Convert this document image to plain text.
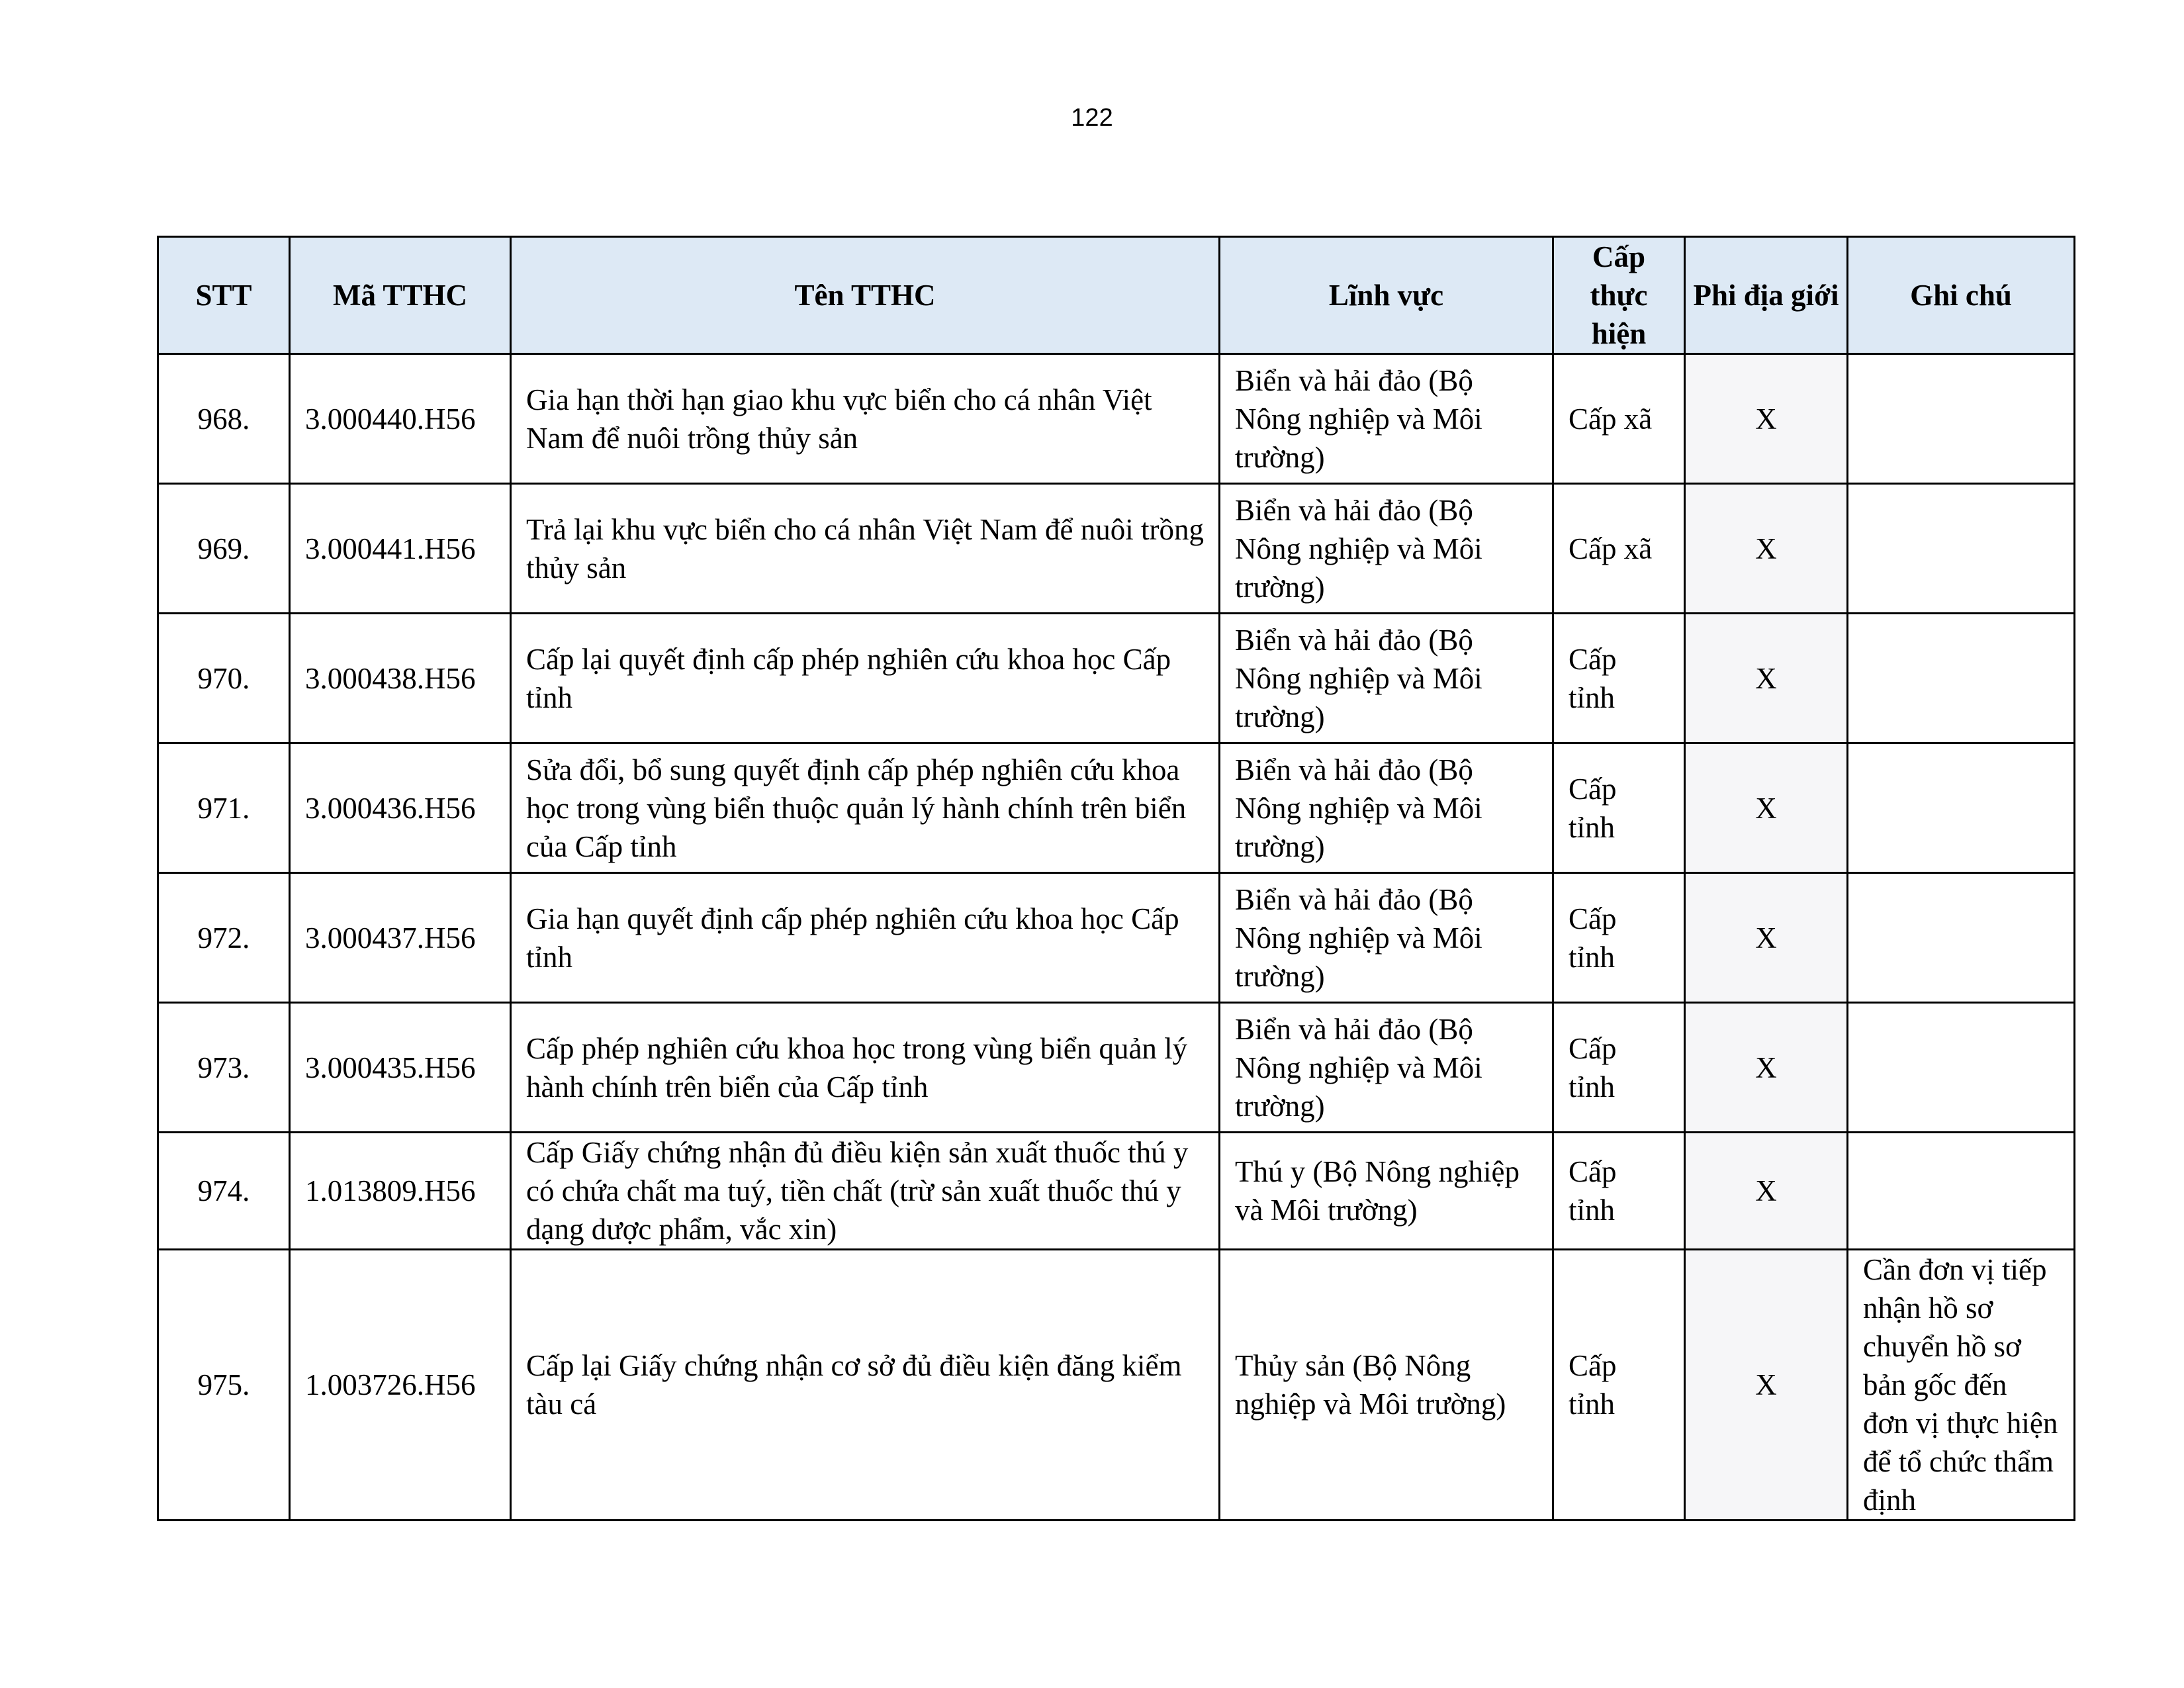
122
STT	Mã TTHC	Tên TTHC	Lĩnh vực	Cấp thực hiện	Phi địa giới	Ghi chú
968.	3.000440.H56	Gia hạn thời hạn giao khu vực biển cho cá nhân Việt Nam để nuôi trồng thủy sản	Biển và hải đảo (Bộ Nông nghiệp và Môi trường)	Cấp xã	X	
969.	3.000441.H56	Trả lại khu vực biển cho cá nhân Việt Nam để nuôi trồng thủy sản	Biển và hải đảo (Bộ Nông nghiệp và Môi trường)	Cấp xã	X	
970.	3.000438.H56	Cấp lại quyết định cấp phép nghiên cứu khoa học Cấp tỉnh	Biển và hải đảo (Bộ Nông nghiệp và Môi trường)	Cấp tỉnh	X	
971.	3.000436.H56	Sửa đổi, bổ sung quyết định cấp phép nghiên cứu khoa học trong vùng biển thuộc quản lý hành chính trên biển của Cấp tỉnh	Biển và hải đảo (Bộ Nông nghiệp và Môi trường)	Cấp tỉnh	X	
972.	3.000437.H56	Gia hạn quyết định cấp phép nghiên cứu khoa học Cấp tỉnh	Biển và hải đảo (Bộ Nông nghiệp và Môi trường)	Cấp tỉnh	X	
973.	3.000435.H56	Cấp phép nghiên cứu khoa học trong vùng biển quản lý hành chính trên biển của Cấp tỉnh	Biển và hải đảo (Bộ Nông nghiệp và Môi trường)	Cấp tỉnh	X	
974.	1.013809.H56	Cấp Giấy chứng nhận đủ điều kiện sản xuất thuốc thú y có chứa chất ma tuý, tiền chất (trừ sản xuất thuốc thú y dạng dược phẩm, vắc xin)	Thú y (Bộ Nông nghiệp và Môi trường)	Cấp tỉnh	X	
975.	1.003726.H56	Cấp lại Giấy chứng nhận cơ sở đủ điều kiện đăng kiểm tàu cá	Thủy sản (Bộ Nông nghiệp và Môi trường)	Cấp tỉnh	X	Cần đơn vị tiếp nhận hồ sơ chuyển hồ sơ bản gốc đến đơn vị thực hiện để tổ chức thẩm định
